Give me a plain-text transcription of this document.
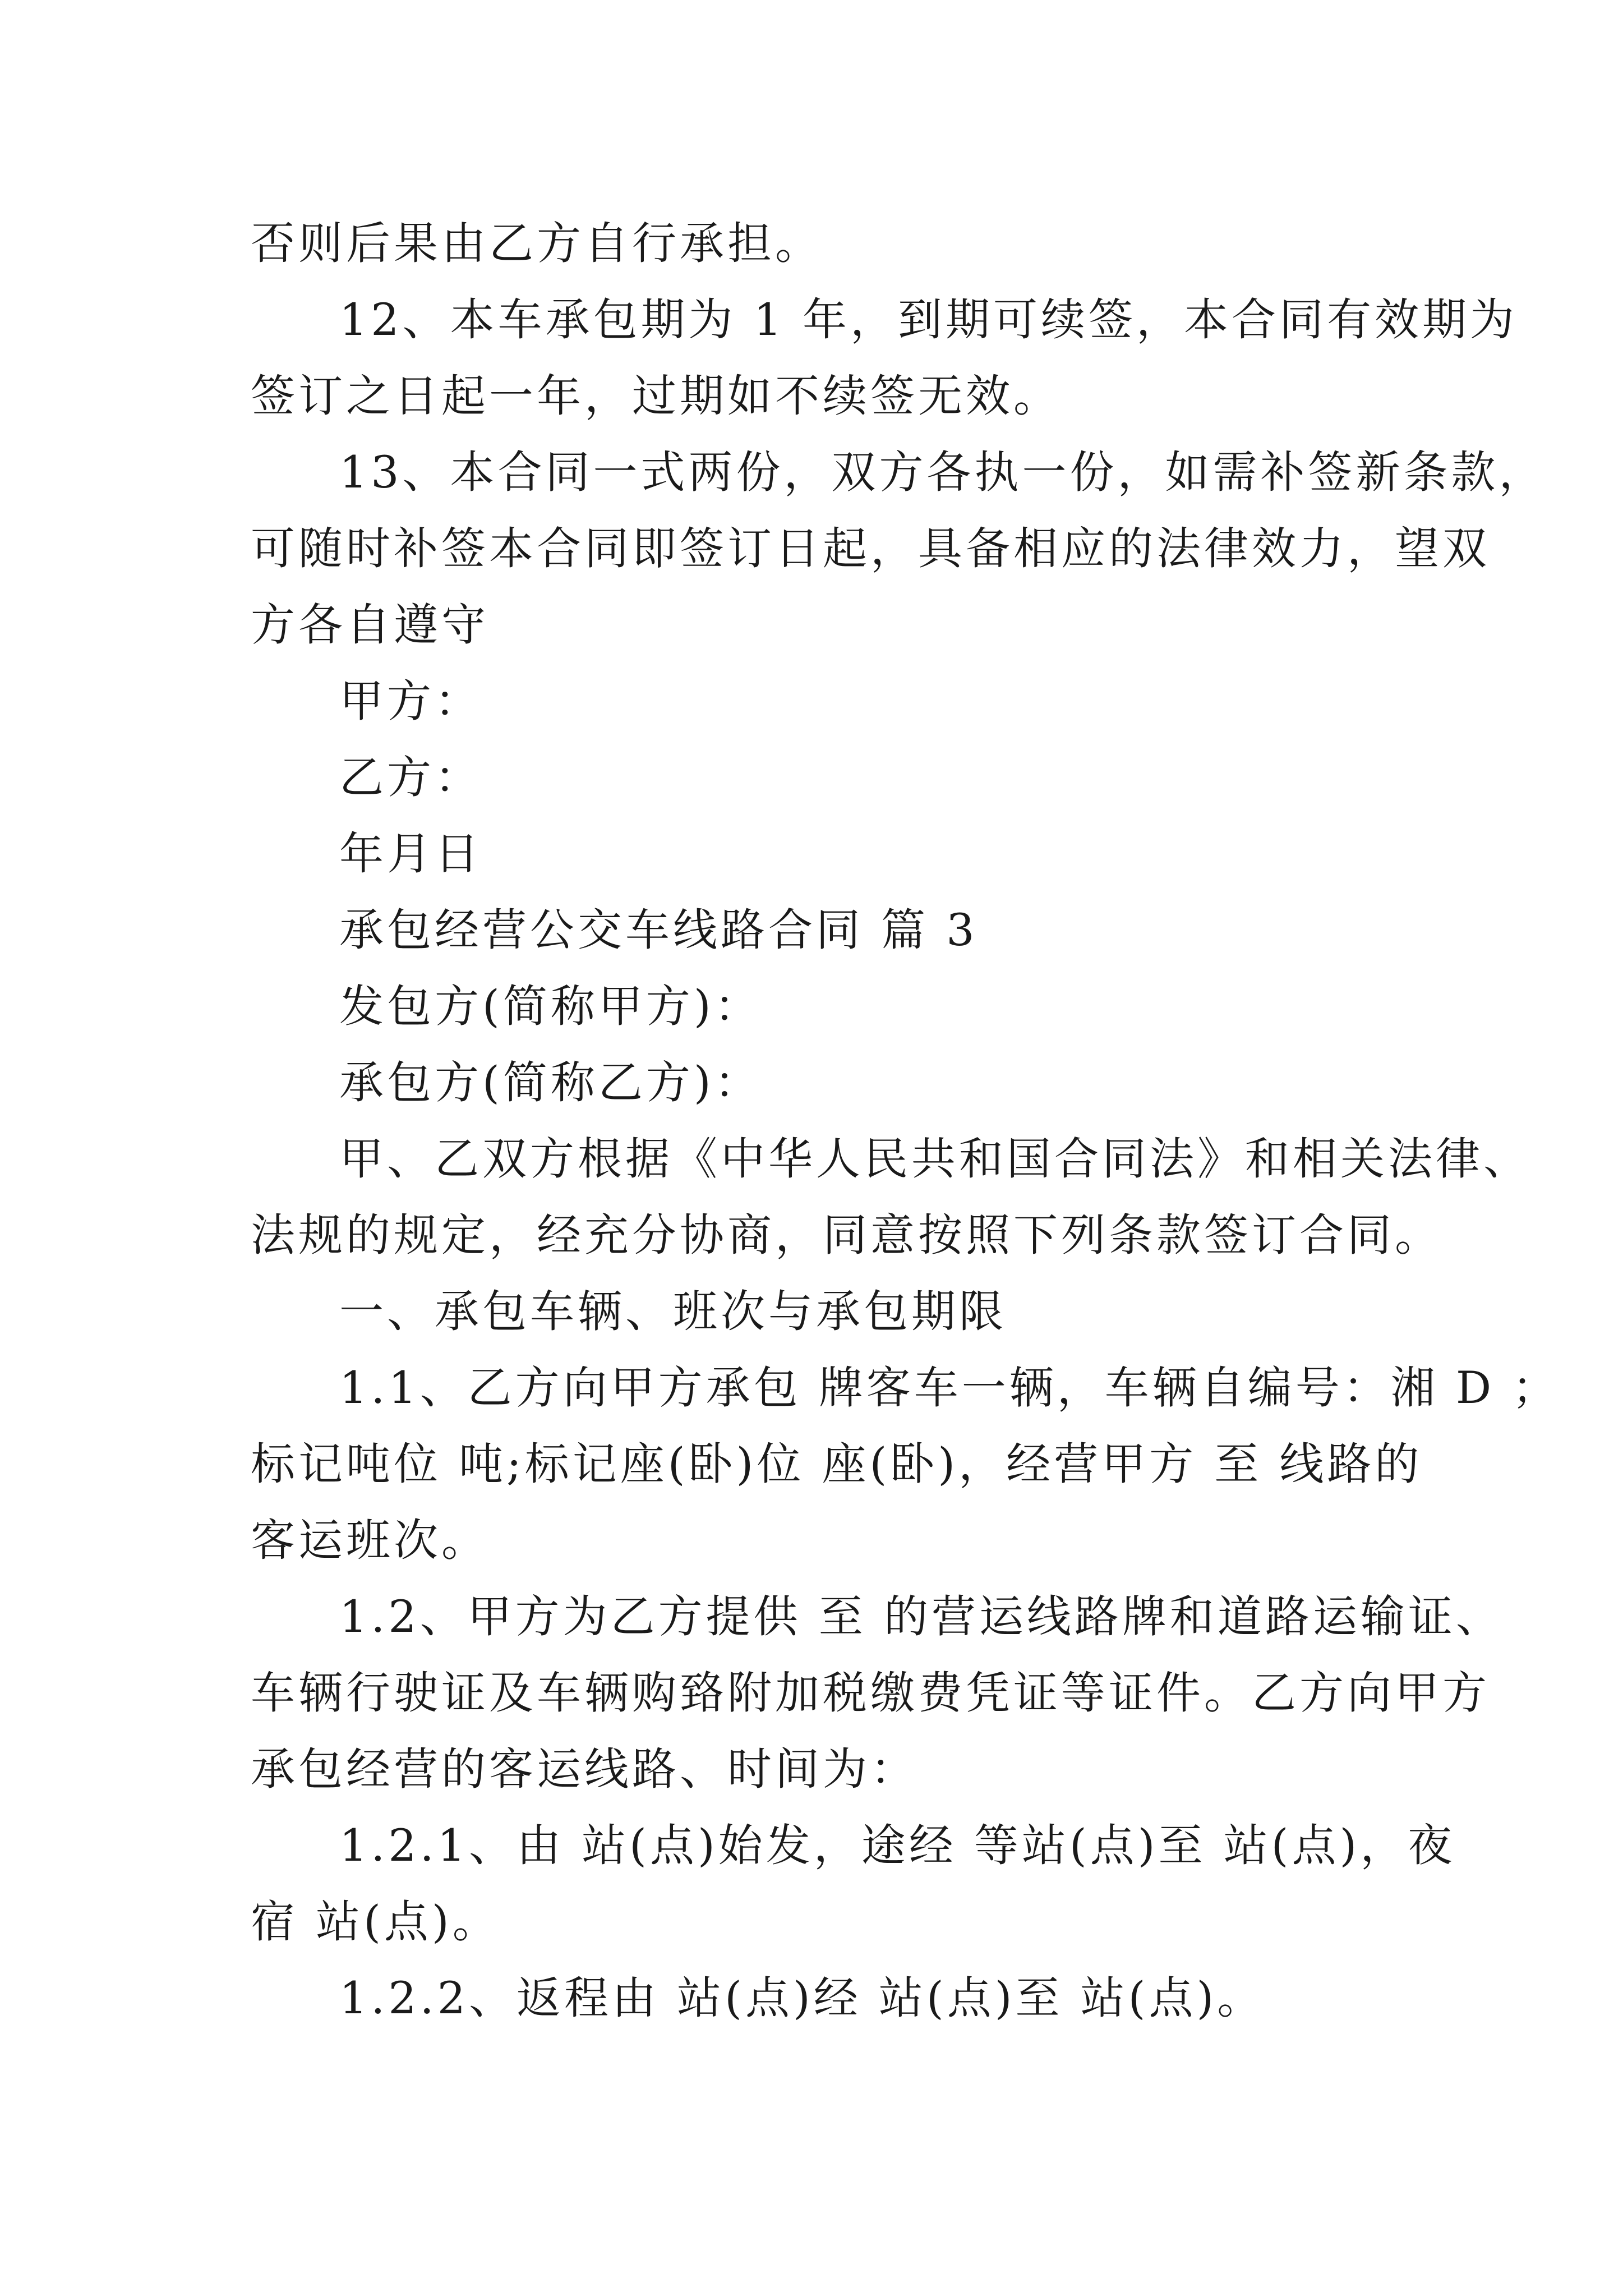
否则后果由乙方自行承担。
12、本车承包期为 1 年，到期可续签，本合同有效期为
签订之日起一年，过期如不续签无效。
13、本合同一式两份，双方各执一份，如需补签新条款，
可随时补签本合同即签订日起，具备相应的法律效力，望双
方各自遵守
甲方：
乙方：
年月日
承包经营公交车线路合同 篇 3
发包方(简称甲方)：
承包方(简称乙方)：
甲、乙双方根据《中华人民共和国合同法》和相关法律、
法规的规定，经充分协商，同意按照下列条款签订合同。
一、承包车辆、班次与承包期限
1.1、乙方向甲方承包 牌客车一辆，车辆自编号：湘 D ；
标记吨位 吨;标记座(卧)位 座(卧)，经营甲方 至 线路的
客运班次。
1.2、甲方为乙方提供 至 的营运线路牌和道路运输证、
车辆行驶证及车辆购臵附加税缴费凭证等证件。乙方向甲方
承包经营的客运线路、时间为：
1.2.1、由 站(点)始发，途经 等站(点)至 站(点)，夜
宿 站(点)。
1.2.2、返程由 站(点)经 站(点)至 站(点)。
